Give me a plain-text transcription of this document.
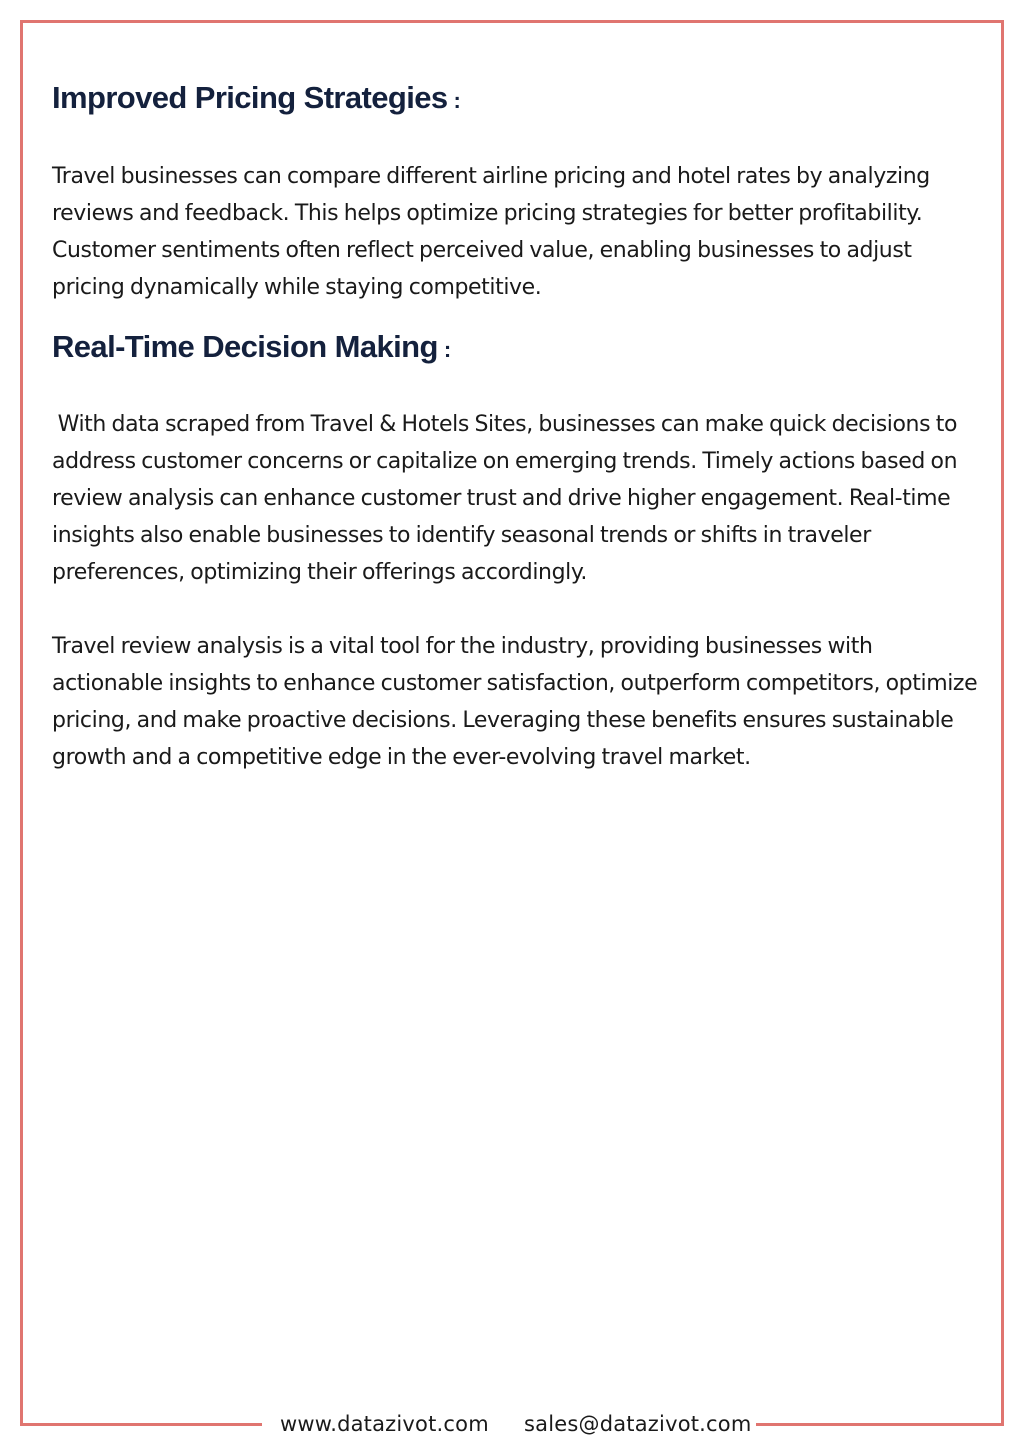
Improved Pricing Strategies :

Travel businesses can compare different airline pricing and hotel rates by analyzing reviews and feedback. This helps optimize pricing strategies for better profitability. Customer sentiments often reflect perceived value, enabling businesses to adjust pricing dynamically while staying competitive.

Real-Time Decision Making :

With data scraped from Travel & Hotels Sites, businesses can make quick decisions to address customer concerns or capitalize on emerging trends. Timely actions based on review analysis can enhance customer trust and drive higher engagement. Real-time insights also enable businesses to identify seasonal trends or shifts in traveler preferences, optimizing their offerings accordingly.

Travel review analysis is a vital tool for the industry, providing businesses with actionable insights to enhance customer satisfaction, outperform competitors, optimize pricing, and make proactive decisions. Leveraging these benefits ensures sustainable growth and a competitive edge in the ever-evolving travel market.

www.datazivot.com sales@datazivot.com
